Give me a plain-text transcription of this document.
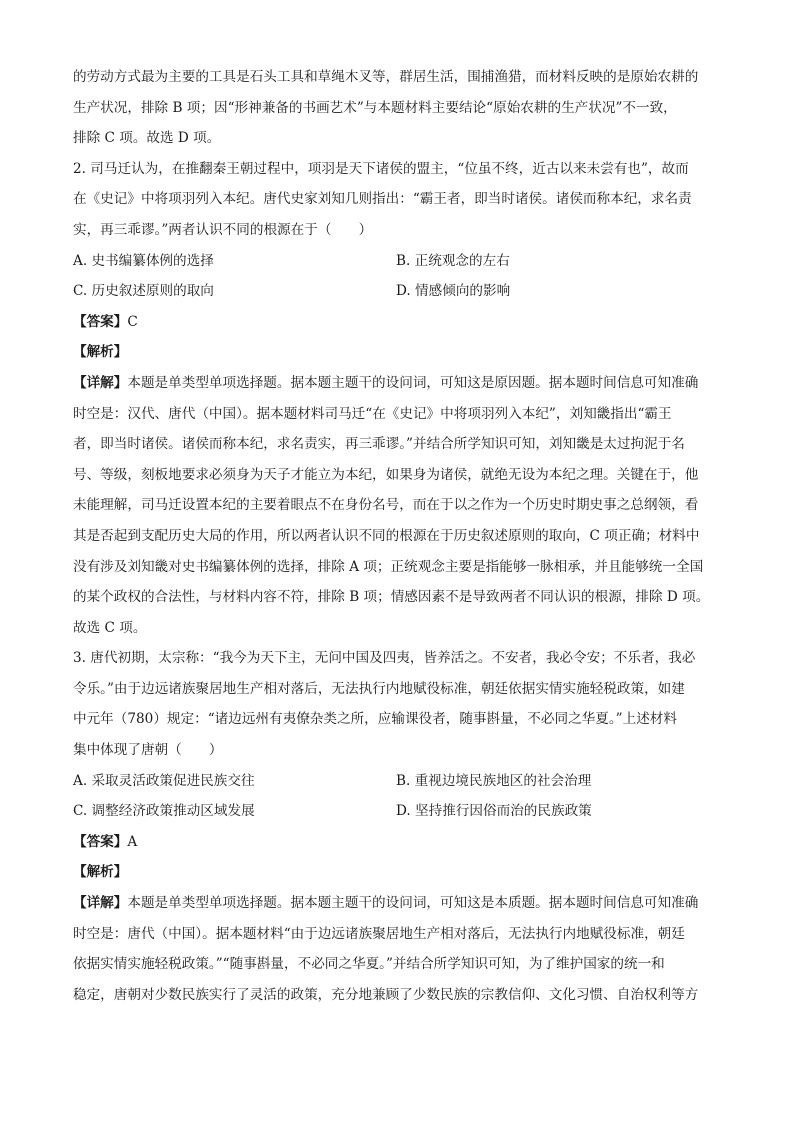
的劳动方式最为主要的工具是石头工具和草绳木叉等，群居生活，围捕渔猎，而材料反映的是原始农耕的
生产状况，排除 B 项；因“形神兼备的书画艺术”与本题材料主要结论“原始农耕的生产状况”不一致，
排除 C 项。故选 D 项。
2. 司马迁认为，在推翻秦王朝过程中，项羽是天下诸侯的盟主，“位虽不终，近古以来未尝有也”，故而
在《史记》中将项羽列入本纪。唐代史家刘知几则指出：“霸王者，即当时诸侯。诸侯而称本纪，求名责
实，再三乖谬。”两者认识不同的根源在于（　　）
A. 史书编纂体例的选择	B. 正统观念的左右
C. 历史叙述原则的取向	D. 情感倾向的影响
【答案】C
【解析】
【详解】本题是单类型单项选择题。据本题主题干的设问词，可知这是原因题。据本题时间信息可知准确
时空是：汉代、唐代（中国）。据本题材料司马迁“在《史记》中将项羽列入本纪”，刘知畿指出“霸王
者，即当时诸侯。诸侯而称本纪，求名责实，再三乖谬。”并结合所学知识可知，刘知畿是太过拘泥于名
号、等级，刻板地要求必须身为天子才能立为本纪，如果身为诸侯，就绝无设为本纪之理。关键在于，他
未能理解，司马迁设置本纪的主要着眼点不在身份名号，而在于以之作为一个历史时期史事之总纲领，看
其是否起到支配历史大局的作用，所以两者认识不同的根源在于历史叙述原则的取向，C 项正确；材料中
没有涉及刘知畿对史书编纂体例的选择，排除 A 项；正统观念主要是指能够一脉相承，并且能够统一全国
的某个政权的合法性，与材料内容不符，排除 B 项；情感因素不是导致两者不同认识的根源，排除 D 项。
故选 C 项。
3. 唐代初期，太宗称：“我今为天下主，无问中国及四夷，皆养活之。不安者，我必令安；不乐者，我必
令乐。”由于边远诸族聚居地生产相对落后，无法执行内地赋役标准，朝廷依据实情实施轻税政策，如建
中元年（780）规定：“诸边远州有夷僚杂类之所，应输课役者，随事斟量，不必同之华夏。”上述材料
集中体现了唐朝（　　）
A. 采取灵活政策促进民族交往	B. 重视边境民族地区的社会治理
C. 调整经济政策推动区域发展	D. 坚持推行因俗而治的民族政策
【答案】A
【解析】
【详解】本题是单类型单项选择题。据本题主题干的设问词，可知这是本质题。据本题时间信息可知准确
时空是：唐代（中国）。据本题材料“由于边远诸族聚居地生产相对落后，无法执行内地赋役标准，朝廷
依据实情实施轻税政策。”“随事斟量，不必同之华夏。”并结合所学知识可知，为了维护国家的统一和
稳定，唐朝对少数民族实行了灵活的政策，充分地兼顾了少数民族的宗教信仰、文化习惯、自治权利等方
